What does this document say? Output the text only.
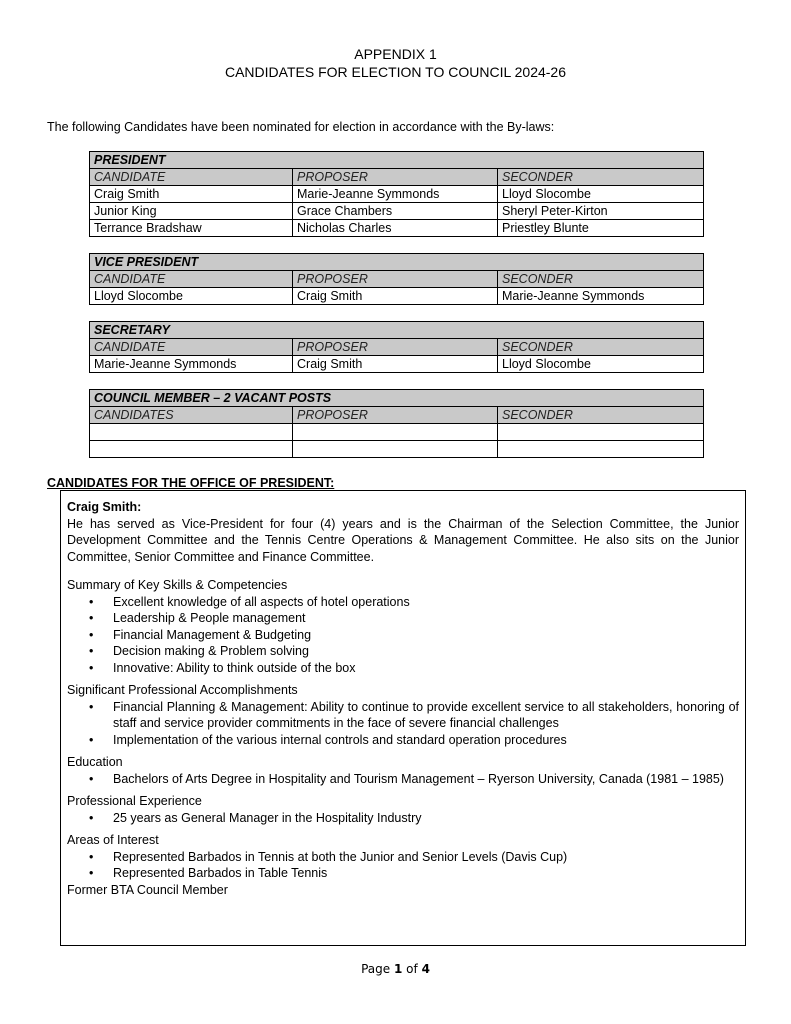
APPENDIX 1
CANDIDATES FOR ELECTION TO COUNCIL 2024-26
The following Candidates have been nominated for election in accordance with the By-laws:
PRESIDENT		
CANDIDATE	PROPOSER	SECONDER
Craig Smith	Marie-Jeanne Symmonds	Lloyd Slocombe
Junior King	Grace Chambers	Sheryl Peter-Kirton
Terrance Bradshaw	Nicholas Charles	Priestley Blunte
VICE PRESIDENT		
CANDIDATE	PROPOSER	SECONDER
Lloyd Slocombe	Craig Smith	Marie-Jeanne Symmonds
SECRETARY		
CANDIDATE	PROPOSER	SECONDER
Marie-Jeanne Symmonds	Craig Smith	Lloyd Slocombe
COUNCIL MEMBER – 2 VACANT POSTS		
CANDIDATES	PROPOSER	SECONDER

CANDIDATES FOR THE OFFICE OF PRESIDENT:
Craig Smith:
He has served as Vice-President for four (4) years and is the Chairman of the Selection Committee, the Junior Development Committee and the Tennis Centre Operations & Management Committee. He also sits on the Junior Committee, Senior Committee and Finance Committee.
Summary of Key Skills & Competencies
• Excellent knowledge of all aspects of hotel operations
• Leadership & People management
• Financial Management & Budgeting
• Decision making & Problem solving
• Innovative: Ability to think outside of the box
Significant Professional Accomplishments
• Financial Planning & Management: Ability to continue to provide excellent service to all stakeholders, honoring of staff and service provider commitments in the face of severe financial challenges
• Implementation of the various internal controls and standard operation procedures
Education
• Bachelors of Arts Degree in Hospitality and Tourism Management – Ryerson University, Canada (1981 – 1985)
Professional Experience
• 25 years as General Manager in the Hospitality Industry
Areas of Interest
• Represented Barbados in Tennis at both the Junior and Senior Levels (Davis Cup)
• Represented Barbados in Table Tennis
Former BTA Council Member
Page 1 of 4
